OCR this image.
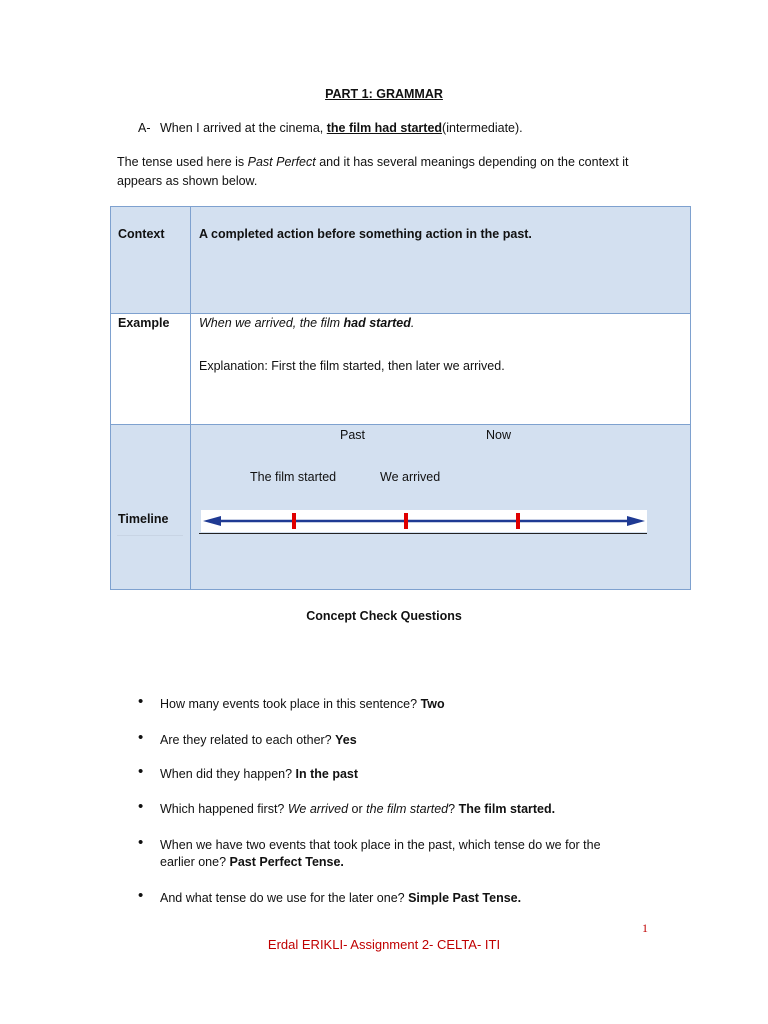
PART 1: GRAMMAR
A- When I arrived at the cinema, the film had started(intermediate).
The tense used here is Past Perfect and it has several meanings depending on the context it
appears as shown below.
Context	A completed action before something action in the past.

Example	When we arrived, the film had started.
Explanation: First the film started, then later we arrived.

Timeline	Past Now
The film started We arrived
Concept Check Questions
• How many events took place in this sentence? Two
• Are they related to each other? Yes
• When did they happen? In the past
• Which happened first? We arrived or the film started? The film started.
• When we have two events that took place in the past, which tense do we for the
earlier one? Past Perfect Tense.
• And what tense do we use for the later one? Simple Past Tense.
1
Erdal ERIKLI- Assignment 2- CELTA- ITI
